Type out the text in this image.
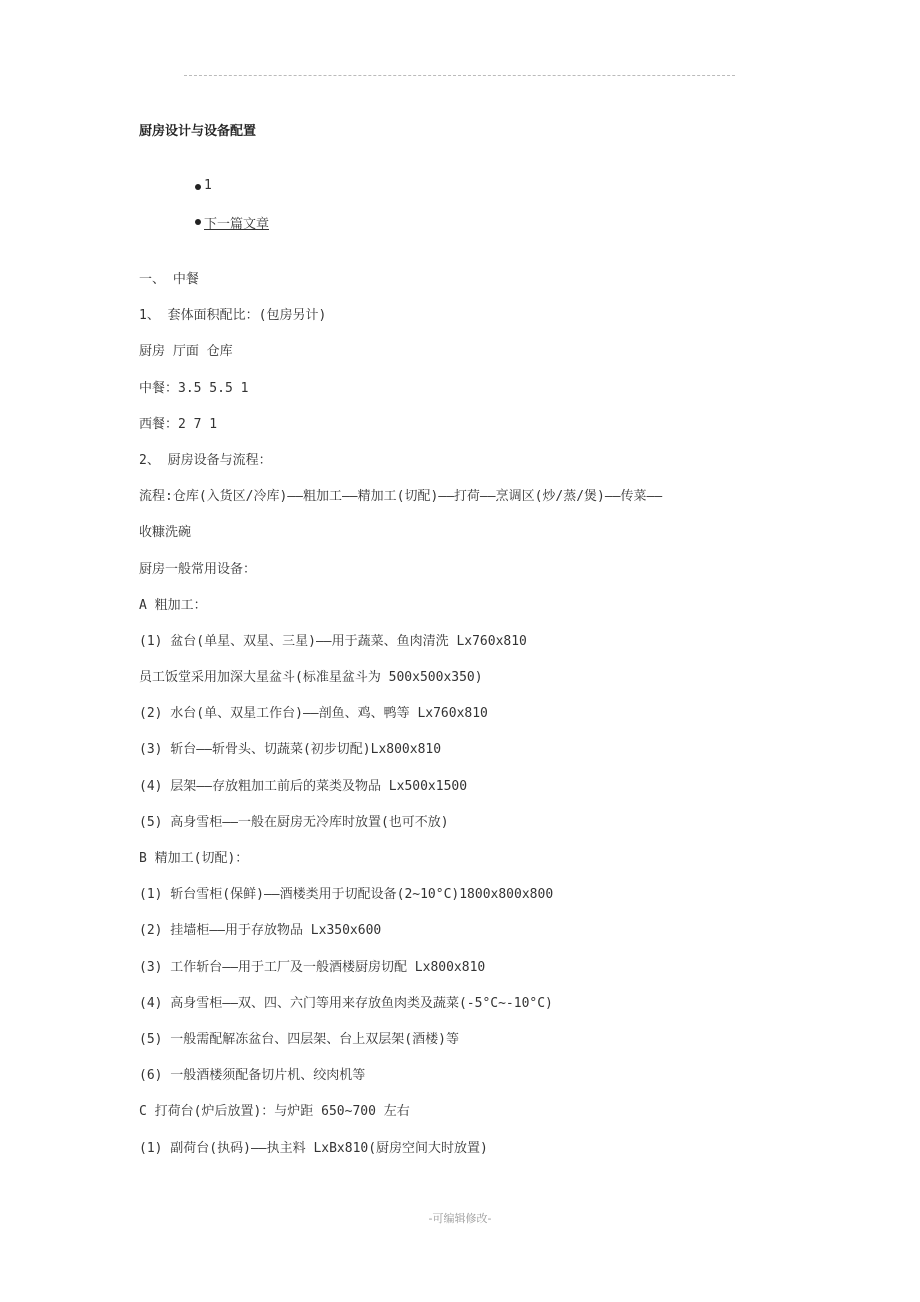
厨房设计与设备配置
1
下一篇文章
一、 中餐
1、 套体面积配比：(包房另计)
厨房 厅面 仓库
中餐：3.5 5.5 1
西餐：2 7 1
2、 厨房设备与流程：
流程:仓库(入货区/冷库)——粗加工——精加工(切配)——打荷——烹调区(炒/蒸/煲)——传菜——
收糠洗碗
厨房一般常用设备：
A 粗加工：
(1) 盆台(单星、双星、三星)——用于蔬菜、鱼肉清洗 Lx760x810
员工饭堂采用加深大星盆斗(标准星盆斗为 500x500x350)
(2) 水台(单、双星工作台)——剖鱼、鸡、鸭等 Lx760x810
(3) 斩台——斩骨头、切蔬菜(初步切配)Lx800x810
(4) 层架——存放粗加工前后的菜类及物品 Lx500x1500
(5) 高身雪柜——一般在厨房无冷库时放置(也可不放)
B 精加工(切配)：
(1) 斩台雪柜(保鲜)——酒楼类用于切配设备(2~10°C)1800x800x800
(2) 挂墙柜——用于存放物品 Lx350x600
(3) 工作斩台——用于工厂及一般酒楼厨房切配 Lx800x810
(4) 高身雪柜——双、四、六门等用来存放鱼肉类及蔬菜(-5°C~-10°C)
(5) 一般需配解冻盆台、四层架、台上双层架(酒楼)等
(6) 一般酒楼须配备切片机、绞肉机等
C 打荷台(炉后放置)：与炉距 650~700 左右
(1) 副荷台(执码)——执主料 LxBx810(厨房空间大时放置)
-可编辑修改-
